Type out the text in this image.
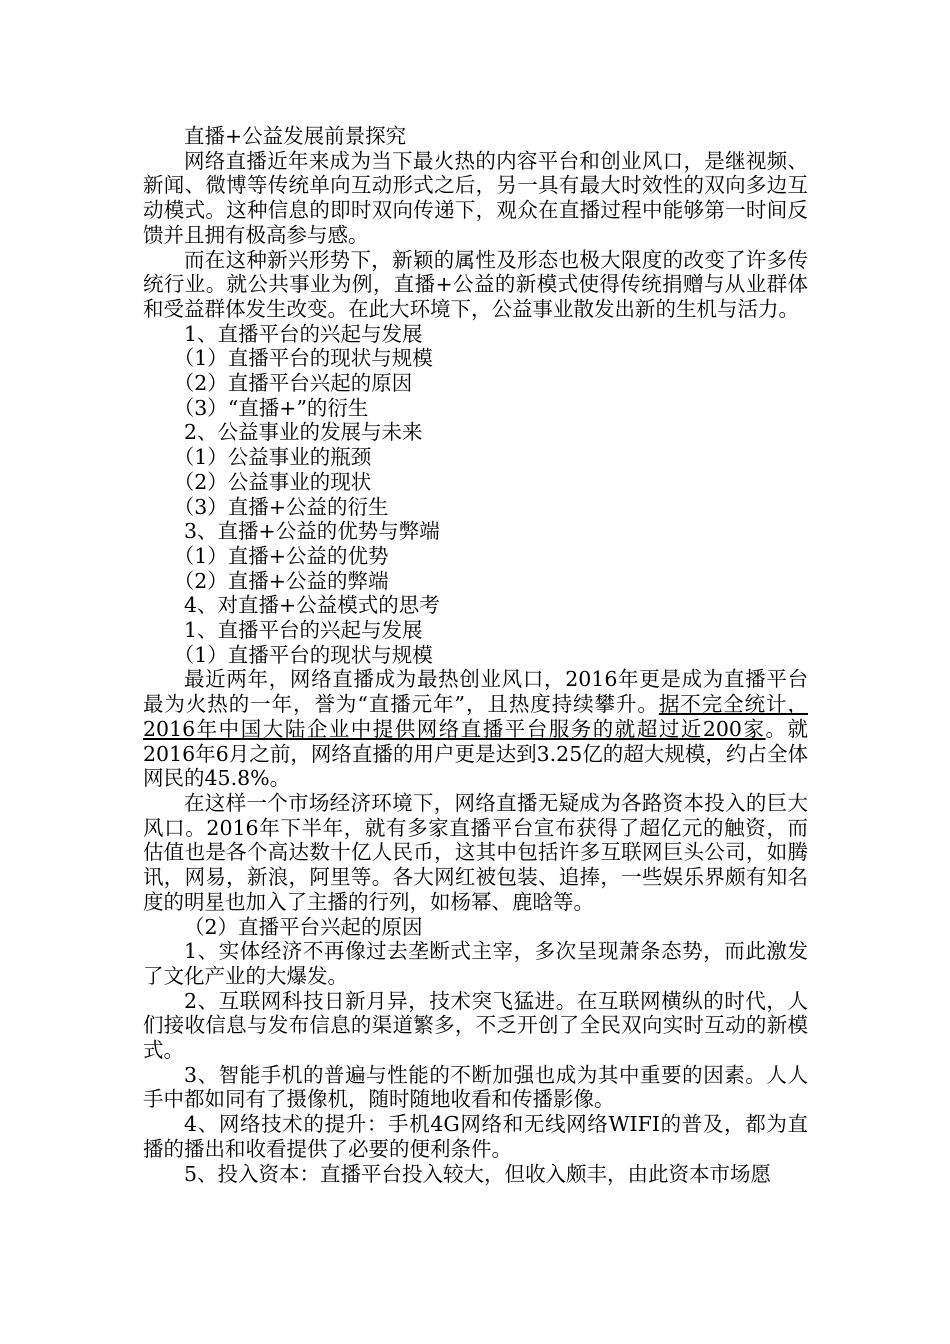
直播+公益发展前景探究

网络直播近年来成为当下最火热的内容平台和创业风口，是继视频、新闻、微博等传统单向互动形式之后，另一具有最大时效性的双向多边互动模式。这种信息的即时双向传递下，观众在直播过程中能够第一时间反馈并且拥有极高参与感。

而在这种新兴形势下，新颖的属性及形态也极大限度的改变了许多传统行业。就公共事业为例，直播+公益的新模式使得传统捐赠与从业群体和受益群体发生改变。在此大环境下，公益事业散发出新的生机与活力。

1、直播平台的兴起与发展

（1）直播平台的现状与规模

（2）直播平台兴起的原因

（3）“直播+”的衍生

2、公益事业的发展与未来

（1）公益事业的瓶颈

（2）公益事业的现状

（3）直播+公益的衍生

3、直播+公益的优势与弊端

（1）直播+公益的优势

（2）直播+公益的弊端

4、对直播+公益模式的思考

1、直播平台的兴起与发展

（1）直播平台的现状与规模

最近两年，网络直播成为最热创业风口，2016年更是成为直播平台最为火热的一年，誉为“直播元年”，且热度持续攀升。据不完全统计，2016年中国大陆企业中提供网络直播平台服务的就超过近200家。就2016年6月之前，网络直播的用户更是达到3.25亿的超大规模，约占全体网民的45.8%。

在这样一个市场经济环境下，网络直播无疑成为各路资本投入的巨大风口。2016年下半年，就有多家直播平台宣布获得了超亿元的触资，而估值也是各个高达数十亿人民币，这其中包括许多互联网巨头公司，如腾讯，网易，新浪，阿里等。各大网红被包装、追捧，一些娱乐界颇有知名度的明星也加入了主播的行列，如杨幂、鹿晗等。

（2）直播平台兴起的原因

1、实体经济不再像过去垄断式主宰，多次呈现萧条态势，而此激发了文化产业的大爆发。

2、互联网科技日新月异，技术突飞猛进。在互联网横纵的时代，人们接收信息与发布信息的渠道繁多，不乏开创了全民双向实时互动的新模式。

3、智能手机的普遍与性能的不断加强也成为其中重要的因素。人人手中都如同有了摄像机，随时随地收看和传播影像。

4、网络技术的提升：手机4G网络和无线网络WIFI的普及，都为直播的播出和收看提供了必要的便利条件。

5、投入资本：直播平台投入较大，但收入颇丰，由此资本市场愿
